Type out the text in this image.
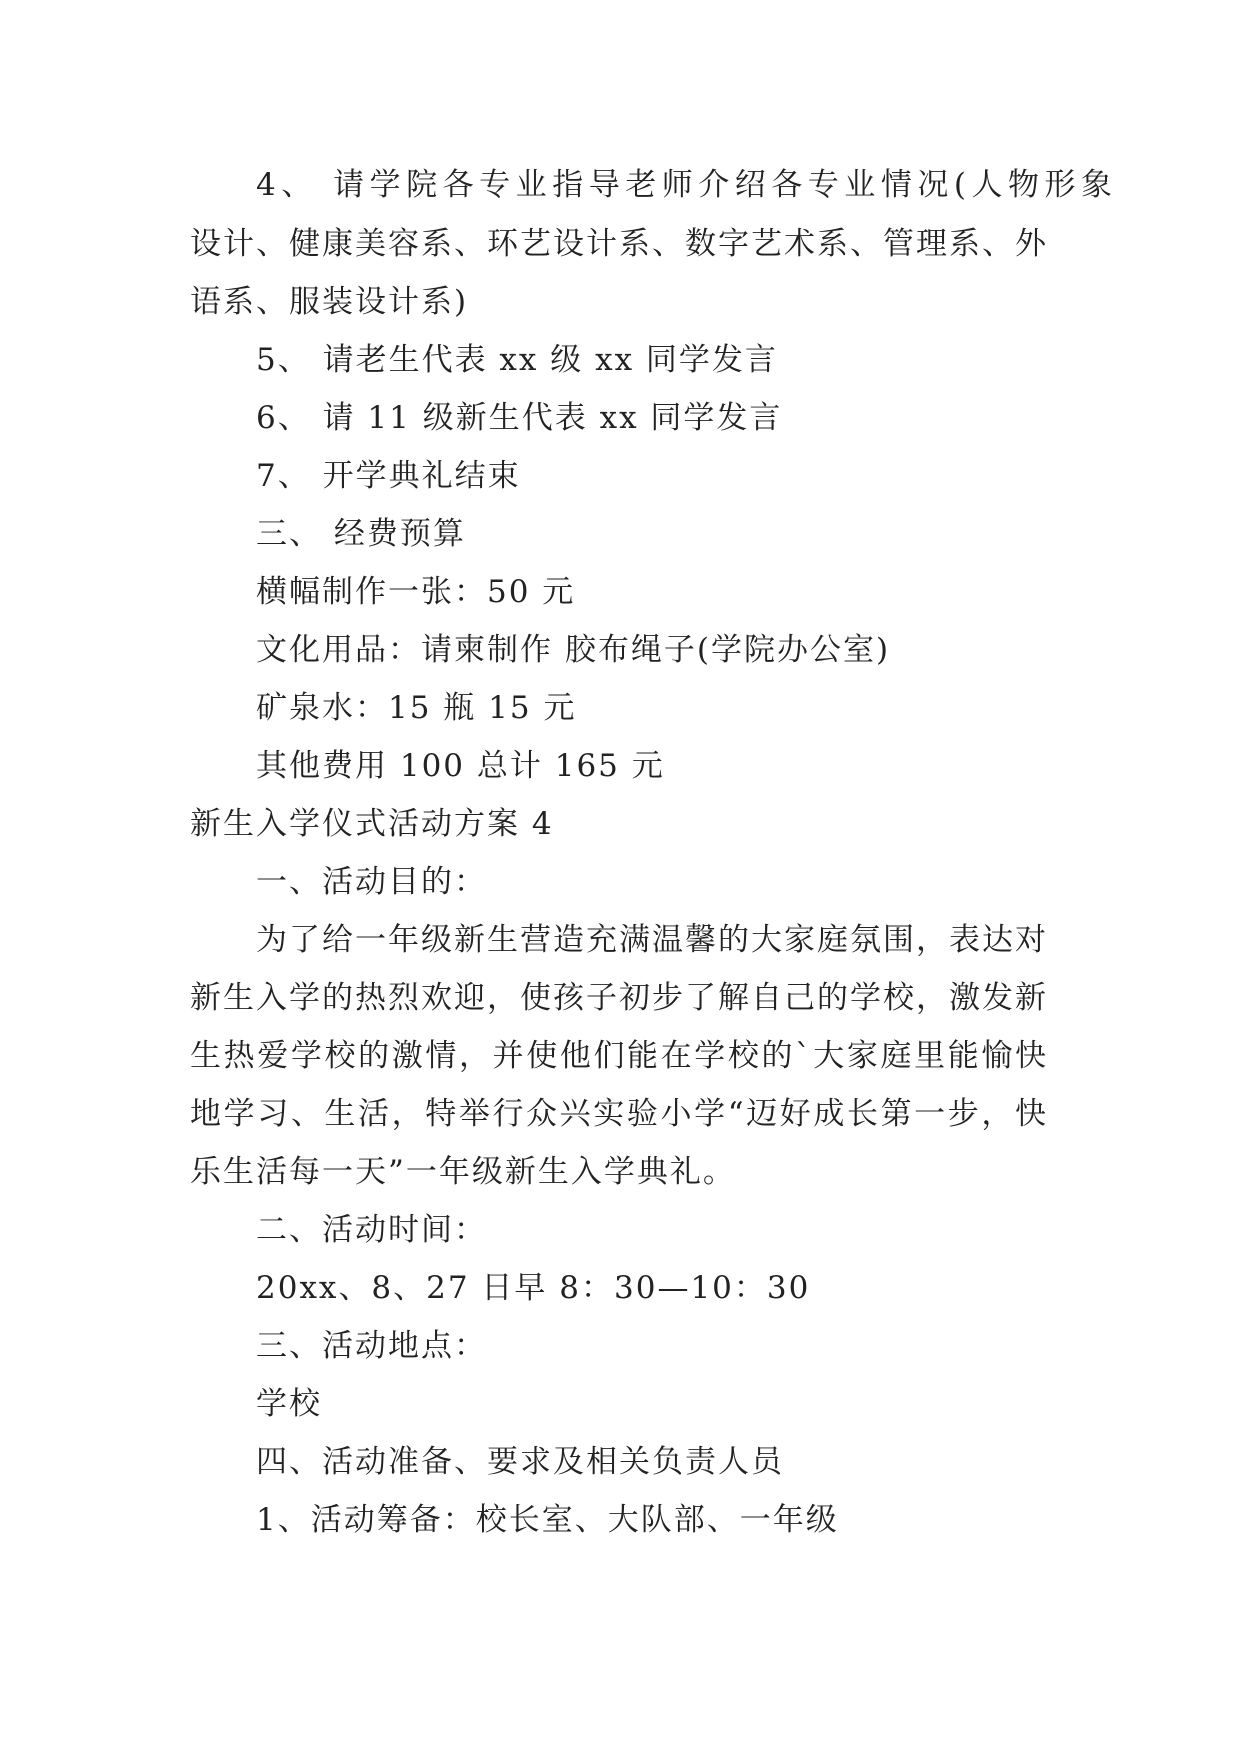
4、 请学院各专业指导老师介绍各专业情况(人物形象

设计、健康美容系、环艺设计系、数字艺术系、管理系、外

语系、服装设计系)

5、 请老生代表 xx 级 xx 同学发言

6、 请 11 级新生代表 xx 同学发言

7、 开学典礼结束

三、 经费预算

横幅制作一张：50 元

文化用品：请柬制作 胶布绳子(学院办公室)

矿泉水：15 瓶 15 元

其他费用 100 总计 165 元

新生入学仪式活动方案 4

一、活动目的：

为了给一年级新生营造充满温馨的大家庭氛围，表达对

新生入学的热烈欢迎，使孩子初步了解自己的学校，激发新

生热爱学校的激情，并使他们能在学校的`大家庭里能愉快

地学习、生活，特举行众兴实验小学“迈好成长第一步，快

乐生活每一天”一年级新生入学典礼。

二、活动时间：

20xx、8、27 日早 8：30—10：30

三、活动地点：

学校

四、活动准备、要求及相关负责人员

1、活动筹备：校长室、大队部、一年级
